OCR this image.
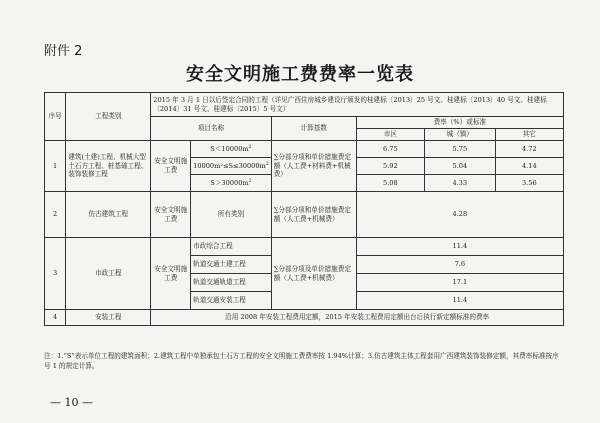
附件 2
安全文明施工费费率一览表
序号	工程类别	2015 年 3 月 1 日以后签定合同的工程（详见广西住房城乡建设厅颁发的桂建标〔2013〕25 号文、桂建标〔2013〕40 号文、桂建标〔2014〕31 号文、桂建标〔2015〕5 号文）					
		项目名称		计算基数	费率（%）或标准		
					市区	城（镇）	其它
1	建筑(土建)工程、机械大型土石方工程、桩基础工程、装饰装修工程	安全文明施工费	$S<10000m^2$	∑分部分项和单价措施费定额（人工费+材料费+机械费）	6.75	5.75	4.72
			$10000m^2\le S\le 30000m^2$		5.92	5.04	4.14
			$S>30000m^2$		5.08	4.33	3.56
2	仿古建筑工程	安全文明施工费	所有类别	∑分部分项和单价措施费定额（人工费+机械费）	4.28		
3	市政工程	安全文明施工费	市政综合工程	∑分部分项及单价措施费定额（人工费+机械费）	11.4		
			轨道交通土建工程		7.6		
			轨道交通轨道工程		17.1		
			轨道交通安装工程		11.4		
4	安装工程	沿用 2008 年安装工程费用定额，2015 年安装工程费用定额出台后执行新定额标准的费率					
注：1.“S”表示单位工程的建筑面积；2.建筑工程中单独承包土石方工程的安全文明施工费费率按 1.94%计算；3.仿古建筑主体工程套用广西建筑装饰装修定额，其费率标准按序号 1 的规定计算。
— 10 —
